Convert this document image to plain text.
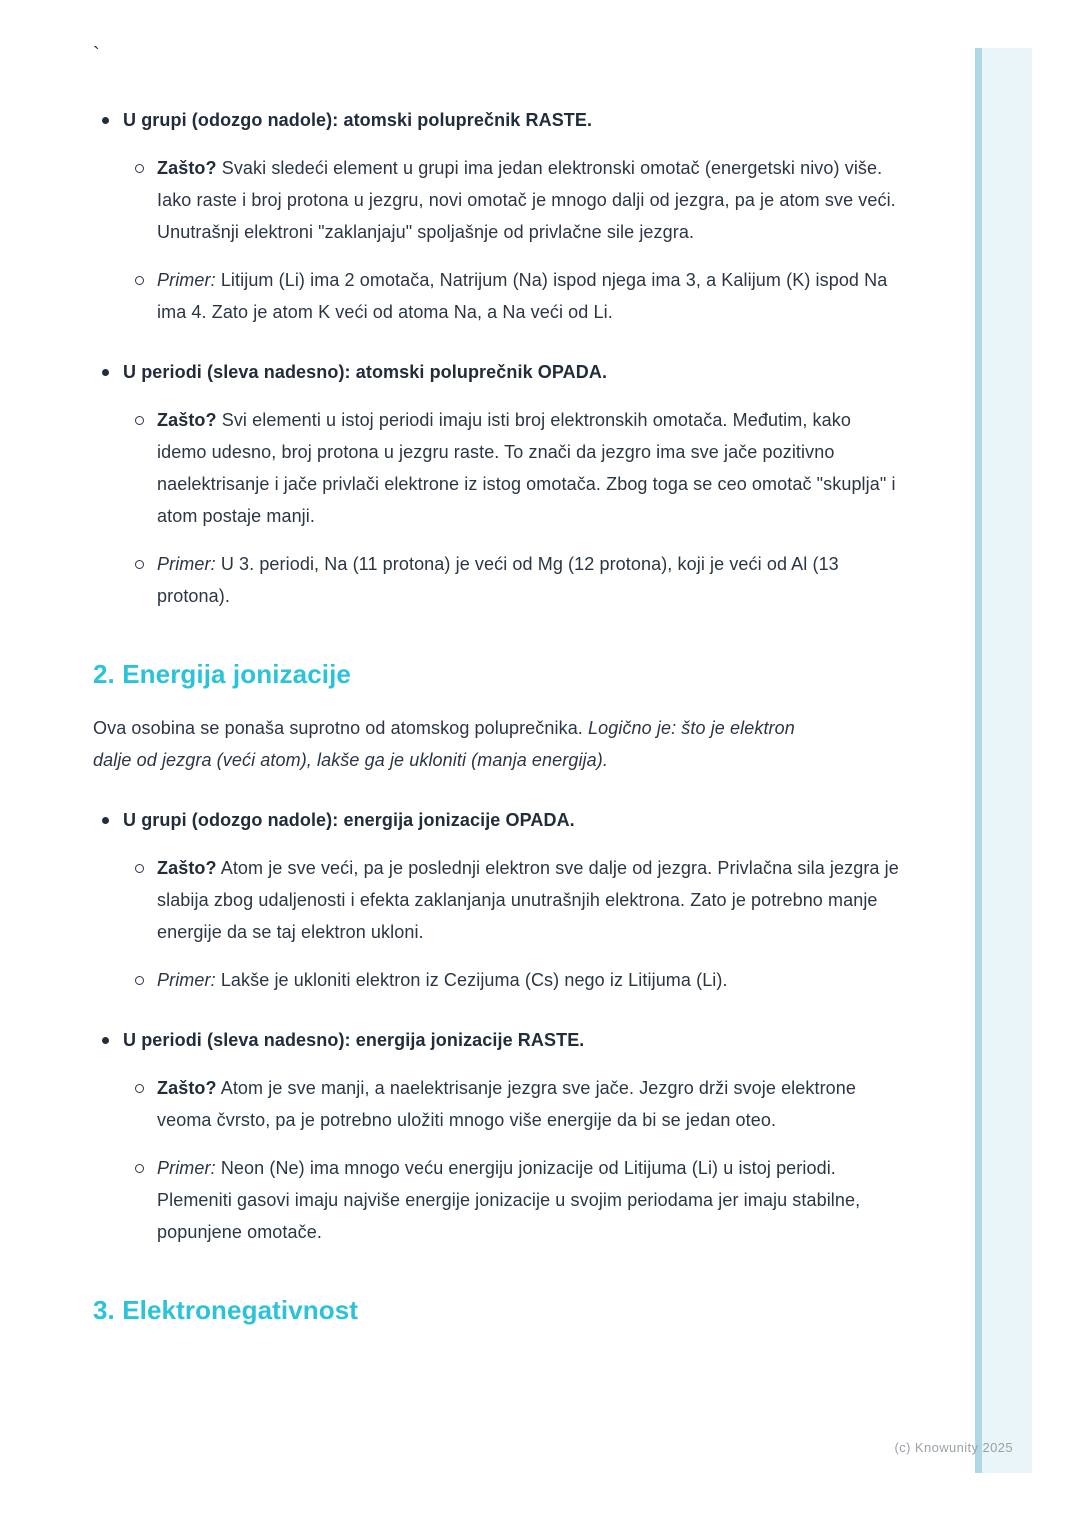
`
(c) Knowunity 2025
U grupi (odozgo nadole): atomski poluprečnik RASTE.

Zašto? Svaki sledeći element u grupi ima jedan elektronski omotač (energetski nivo) više. Iako raste i broj protona u jezgru, novi omotač je mnogo dalji od jezgra, pa je atom sve veći. Unutrašnji elektroni "zaklanjaju" spoljašnje od privlačne sile jezgra.

Primer: Litijum (Li) ima 2 omotača, Natrijum (Na) ispod njega ima 3, a Kalijum (K) ispod Na ima 4. Zato je atom K veći od atoma Na, a Na veći od Li.

U periodi (sleva nadesno): atomski poluprečnik OPADA.

Zašto? Svi elementi u istoj periodi imaju isti broj elektronskih omotača. Međutim, kako idemo udesno, broj protona u jezgru raste. To znači da jezgro ima sve jače pozitivno naelektrisanje i jače privlači elektrone iz istog omotača. Zbog toga se ceo omotač "skuplja" i atom postaje manji.

Primer: U 3. periodi, Na (11 protona) je veći od Mg (12 protona), koji je veći od Al (13 protona).

2. Energija jonizacije

Ova osobina se ponaša suprotno od atomskog poluprečnika. Logično je: što je elektron dalje od jezgra (veći atom), lakše ga je ukloniti (manja energija).

U grupi (odozgo nadole): energija jonizacije OPADA.

Zašto? Atom je sve veći, pa je poslednji elektron sve dalje od jezgra. Privlačna sila jezgra je slabija zbog udaljenosti i efekta zaklanjanja unutrašnjih elektrona. Zato je potrebno manje energije da se taj elektron ukloni.

Primer: Lakše je ukloniti elektron iz Cezijuma (Cs) nego iz Litijuma (Li).

U periodi (sleva nadesno): energija jonizacije RASTE.

Zašto? Atom je sve manji, a naelektrisanje jezgra sve jače. Jezgro drži svoje elektrone veoma čvrsto, pa je potrebno uložiti mnogo više energije da bi se jedan oteo.

Primer: Neon (Ne) ima mnogo veću energiju jonizacije od Litijuma (Li) u istoj periodi. Plemeniti gasovi imaju najviše energije jonizacije u svojim periodama jer imaju stabilne, popunjene omotače.

3. Elektronegativnost
